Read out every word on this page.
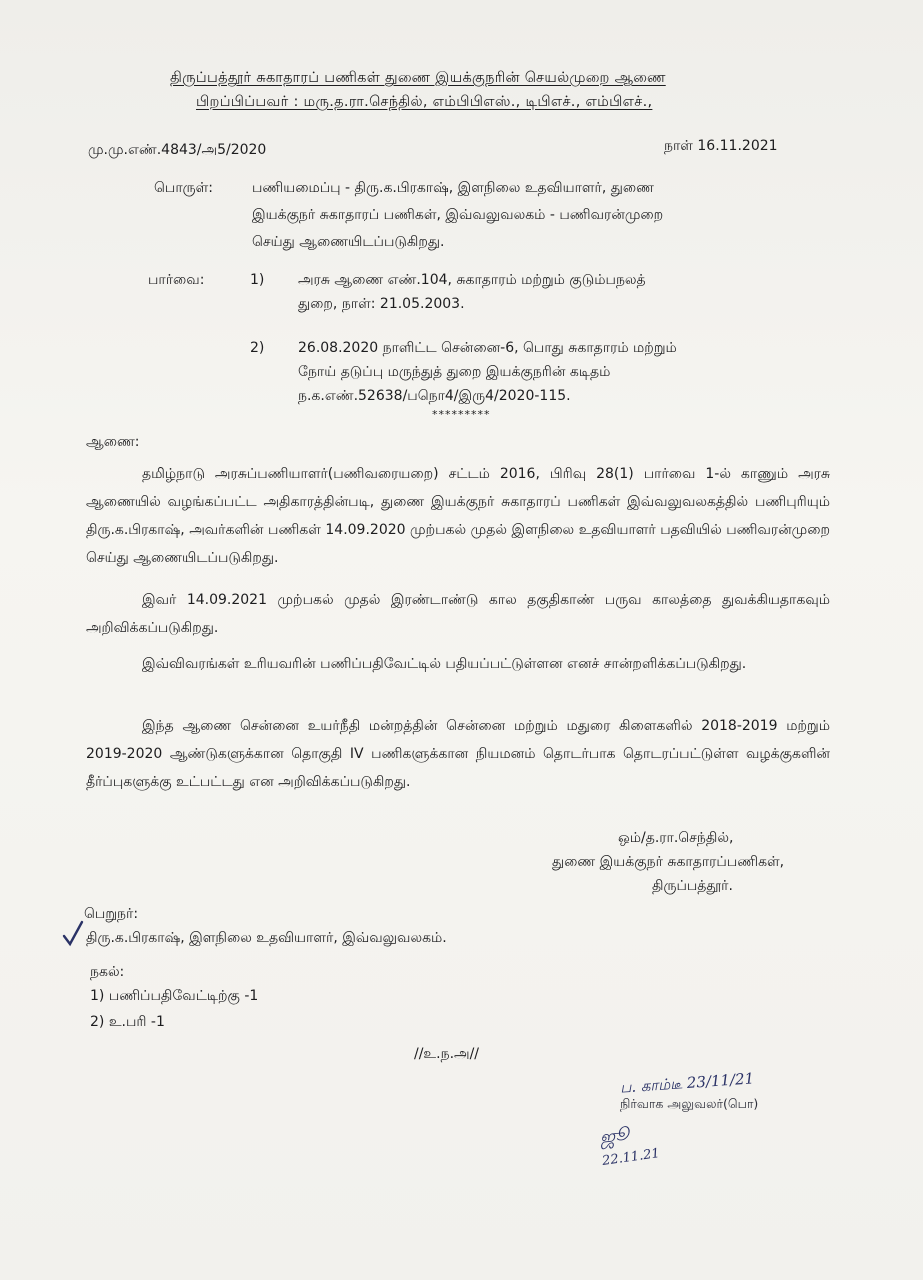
திருப்பத்தூர் சுகாதாரப் பணிகள் துணை இயக்குநரின் செயல்முறை ஆணை
பிறப்பிப்பவர் : மரு.த.ரா.செந்தில், எம்பிபிஎஸ்., டிபிஎச்., எம்பிஎச்.,
மு.மு.எண்.4843/அ5/2020	நாள் 16.11.2021
பொருள்:	பணியமைப்பு - திரு.க.பிரகாஷ், இளநிலை உதவியாளர், துணை
இயக்குநர் சுகாதாரப் பணிகள், இவ்வலுவலகம் - பணிவரன்முறை
செய்து ஆணையிடப்படுகிறது.
பார்வை:	1) அரசு ஆணை எண்.104, சுகாதாரம் மற்றும் குடும்பநலத்
துறை, நாள்: 21.05.2003.
2) 26.08.2020 நாளிட்ட சென்னை-6, பொது சுகாதாரம் மற்றும்
நோய் தடுப்பு மருந்துத் துறை இயக்குநரின் கடிதம்
ந.க.எண்.52638/பநொ4/இரு4/2020-115.
*********
ஆணை:
தமிழ்நாடு அரசுப்பணியாளர்(பணிவரையறை) சட்டம் 2016, பிரிவு 28(1) பார்வை 1-ல் காணும் அரசு ஆணையில் வழங்கப்பட்ட அதிகாரத்தின்படி, துணை இயக்குநர் சுகாதாரப் பணிகள் இவ்வலுவலகத்தில் பணிபுரியும் திரு.க.பிரகாஷ், அவர்களின் பணிகள் 14.09.2020 முற்பகல் முதல் இளநிலை உதவியாளர் பதவியில் பணிவரன்முறை செய்து ஆணையிடப்படுகிறது.
இவர் 14.09.2021 முற்பகல் முதல் இரண்டாண்டு கால தகுதிகாண் பருவ காலத்தை துவக்கியதாகவும் அறிவிக்கப்படுகிறது.
இவ்விவரங்கள் உரியவரின் பணிப்பதிவேட்டில் பதியப்பட்டுள்ளன எனச் சான்றளிக்கப்படுகிறது.
இந்த ஆணை சென்னை உயர்நீதி மன்றத்தின் சென்னை மற்றும் மதுரை கிளைகளில் 2018-2019 மற்றும் 2019-2020 ஆண்டுகளுக்கான தொகுதி IV பணிகளுக்கான நியமனம் தொடர்பாக தொடரப்பட்டுள்ள வழக்குகளின் தீர்ப்புகளுக்கு உட்பட்டது என அறிவிக்கப்படுகிறது.
ஒம்/த.ரா.செந்தில்,
துணை இயக்குநர் சுகாதாரப்பணிகள்,
திருப்பத்தூர்.
பெறுநர்:
திரு.க.பிரகாஷ், இளநிலை உதவியாளர், இவ்வலுவலகம்.
நகல்:
1) பணிப்பதிவேட்டிற்கு -1
2) உ.பரி -1
//உ.ந.அ//
ப. காம்டீ 23/11/21
நிர்வாக அலுவலர்(பொ)
ஜூ
22.11.21
